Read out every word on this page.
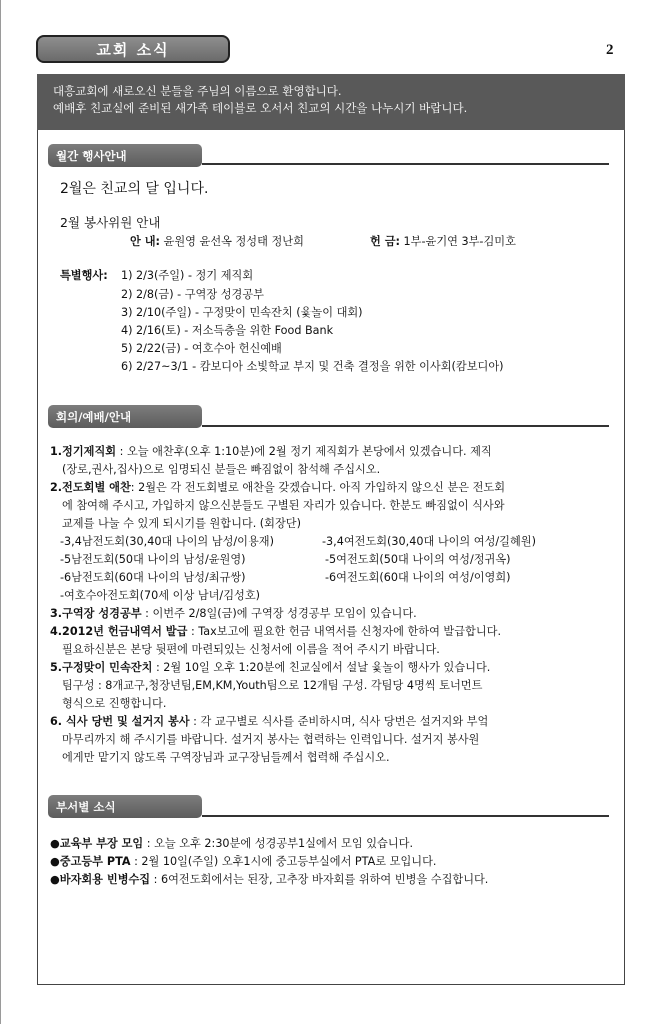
교회 소식	2
대흥교회에 새로오신 분들을 주님의 이름으로 환영합니다.
예배후 친교실에 준비된 새가족 테이블로 오서서 친교의 시간을 나누시기 바랍니다.
월간 행사안내
2월은 친교의 달 입니다.
2월 봉사위원 안내
안 내: 윤원영 윤선옥 정성태 정난희	헌 금: 1부-윤기연 3부-김미호
특별행사: 1) 2/3(주일) - 정기 제직회
2) 2/8(금) - 구역장 성경공부
3) 2/10(주일) - 구정맞이 민속잔치 (윷놀이 대회)
4) 2/16(토) - 저소득층을 위한 Food Bank
5) 2/22(금) - 여호수아 헌신예배
6) 2/27~3/1 - 캄보디아 소빛학교 부지 및 건축 결정을 위한 이사회(캄보디아)
회의/예배/안내
1.정기제직회 : 오늘 애찬후(오후 1:10분)에 2월 정기 제직회가 본당에서 있겠습니다. 제직
(장로,권사,집사)으로 임명되신 분들은 빠짐없이 참석해 주십시오.
2.전도회별 애찬: 2월은 각 전도회별로 애찬을 갖겠습니다. 아직 가입하지 않으신 분은 전도회
에 참여해 주시고, 가입하지 않으신분들도 구별된 자리가 있습니다. 한분도 빠짐없이 식사와
교제를 나눌 수 있게 되시기를 원합니다. (회장단)
-3,4남전도회(30,40대 나이의 남성/이용재)	-3,4여전도회(30,40대 나이의 여성/길혜원)
-5남전도회(50대 나이의 남성/윤원영)	-5여전도회(50대 나이의 여성/정귀옥)
-6남전도회(60대 나이의 남성/최규쌍)	-6여전도회(60대 나이의 여성/이영희)
-여호수아전도회(70세 이상 남녀/김성호)
3.구역장 성경공부 : 이번주 2/8일(금)에 구역장 성경공부 모임이 있습니다.
4.2012년 헌금내역서 발급 : Tax보고에 필요한 헌금 내역서를 신청자에 한하여 발급합니다.
필요하신분은 본당 뒷편에 마련되있는 신청서에 이름을 적어 주시기 바랍니다.
5.구정맞이 민속잔치 : 2월 10일 오후 1:20분에 친교실에서 설날 윷놀이 행사가 있습니다.
팀구성 : 8개교구,청장년팀,EM,KM,Youth팀으로 12개팀 구성. 각팀당 4명씩 토너먼트
형식으로 진행합니다.
6. 식사 당번 및 설거지 봉사 : 각 교구별로 식사를 준비하시며, 식사 당번은 설거지와 부엌
마무리까지 해 주시기를 바랍니다. 설거지 봉사는 협력하는 인력입니다. 설거지 봉사원
에게만 맡기지 않도록 구역장님과 교구장님들께서 협력해 주십시오.
부서별 소식
●교육부 부장 모임 : 오늘 오후 2:30분에 성경공부1실에서 모임 있습니다.
●중고등부 PTA : 2월 10일(주일) 오후1시에 중고등부실에서 PTA로 모입니다.
●바자회용 빈병수집 : 6여전도회에서는 된장, 고추장 바자회를 위하여 빈병을 수집합니다.
